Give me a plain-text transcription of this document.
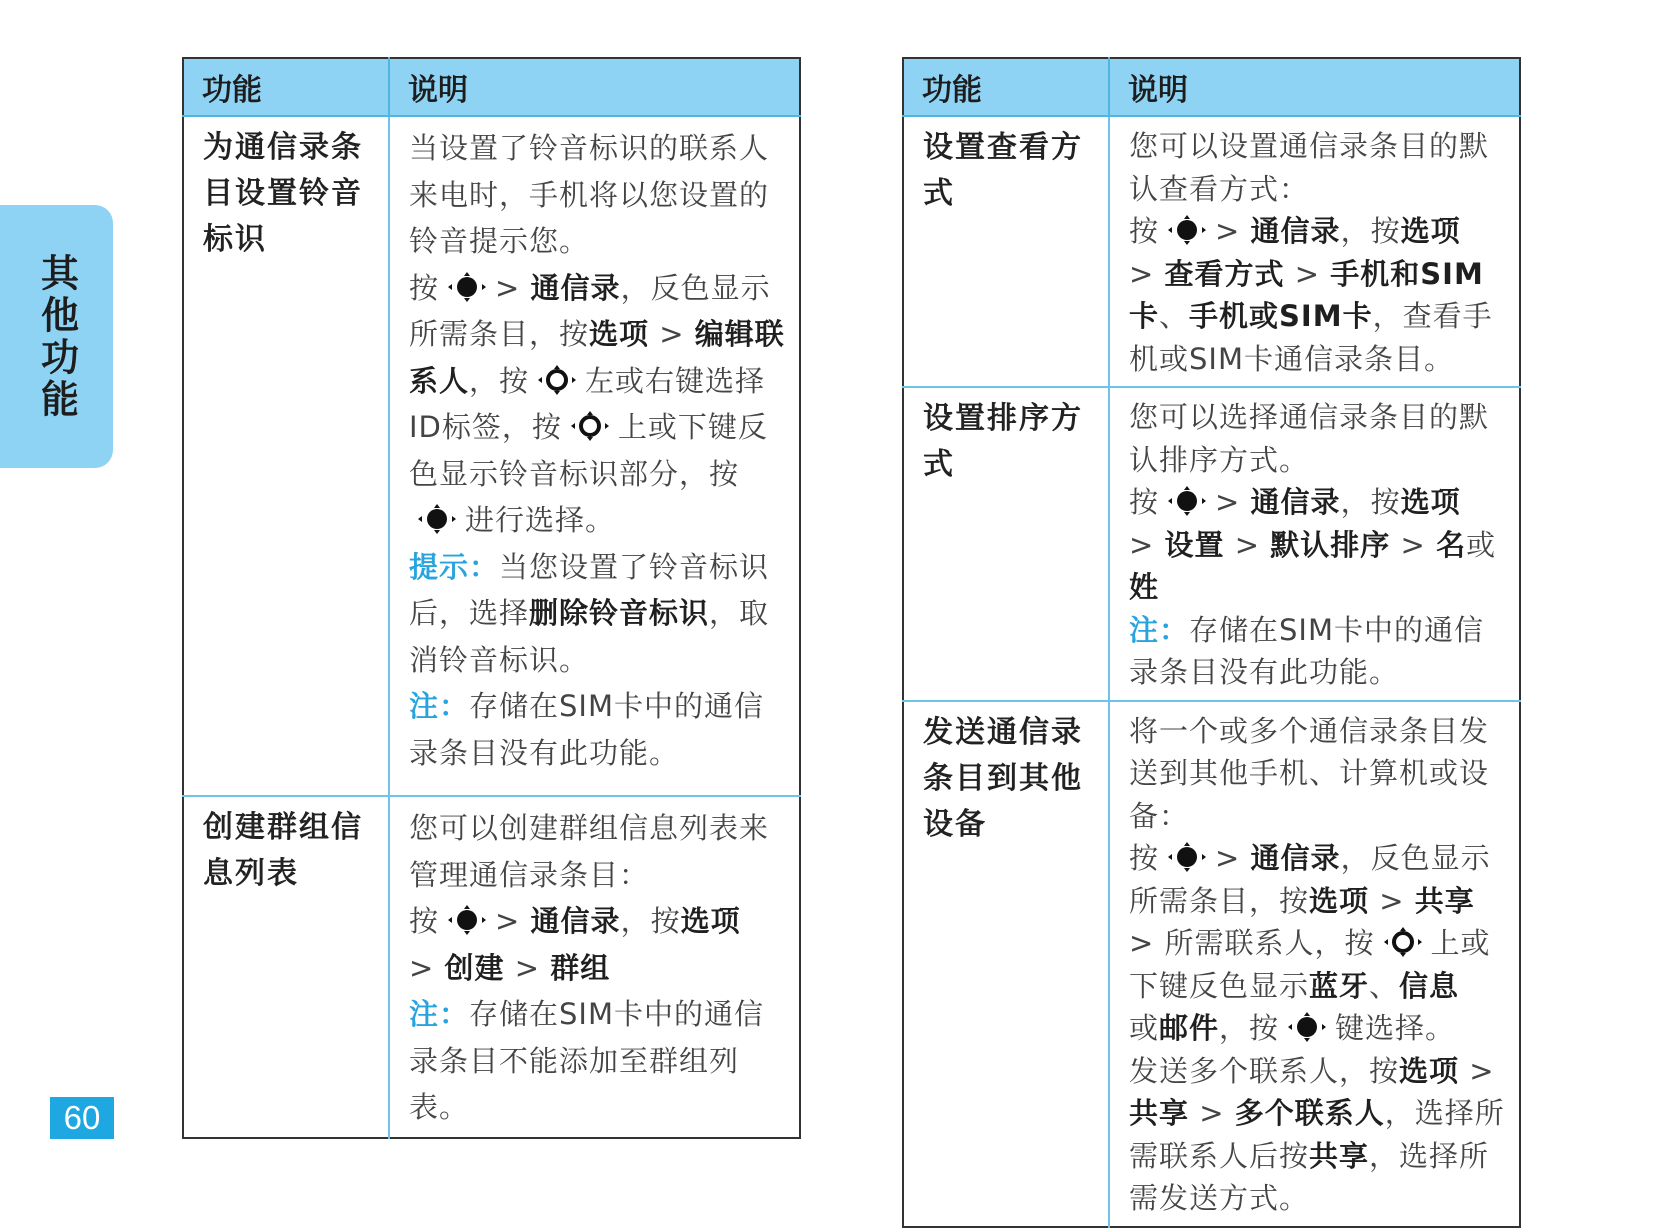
其他功能
60
功能	说明

为通信录条目设置铃音标识	当设置了铃音标识的联系人来电时，手机将以您设置的铃音提示您。

按 > 通信录，反色显示所需条目，按选项 > 编辑联系人，按 左或右键选择ID标签，按 上或下键反色显示铃音标识部分，按进行选择。

提示：当您设置了铃音标识后，选择删除铃音标识，取消铃音标识。

注：存储在SIM卡中的通信录条目没有此功能。

创建群组信息列表	您可以创建群组信息列表来管理通信录条目：

按 > 通信录，按选项
> 创建 > 群组

注：存储在SIM卡中的通信录条目不能添加至群组列表。

功能	说明

设置查看方式	您可以设置通信录条目的默认查看方式：

按 > 通信录，按选项
> 查看方式 > 手机和SIM卡、手机或SIM卡，查看手机或SIM卡通信录条目。

设置排序方式	您可以选择通信录条目的默认排序方式。

按 > 通信录，按选项
> 设置 > 默认排序 > 名或姓

注：存储在SIM卡中的通信录条目没有此功能。

发送通信录条目到其他设备	将一个或多个通信录条目发送到其他手机、计算机或设备：

按 > 通信录，反色显示所需条目，按选项 > 共享 > 所需联系人，按 上或下键反色显示蓝牙、信息
或邮件，按 键选择。

发送多个联系人，按选项 > 共享 > 多个联系人，选择所需联系人后按共享，选择所需发送方式。
